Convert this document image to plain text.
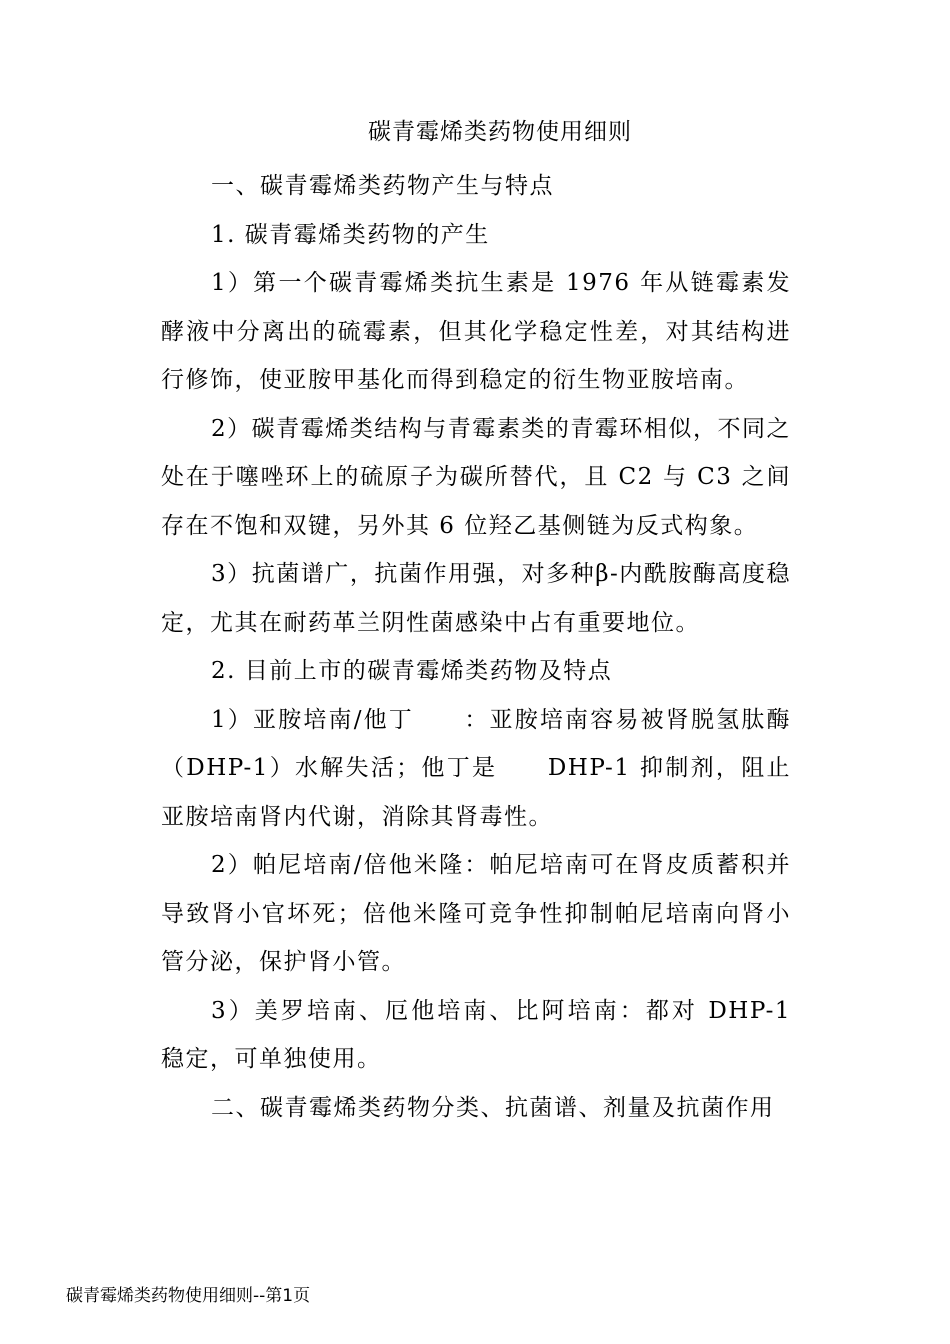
碳青霉烯类药物使用细则

一、碳青霉烯类药物产生与特点

1. 碳青霉烯类药物的产生

1）第一个碳青霉烯类抗生素是 1976 年从链霉素发酵液中分离出的硫霉素，但其化学稳定性差，对其结构进行修饰，使亚胺甲基化而得到稳定的衍生物亚胺培南。

2）碳青霉烯类结构与青霉素类的青霉环相似，不同之处在于噻唑环上的硫原子为碳所替代，且 C2 与 C3 之间存在不饱和双键，另外其 6 位羟乙基侧链为反式构象。

3）抗菌谱广，抗菌作用强，对多种β-内酰胺酶高度稳定，尤其在耐药革兰阴性菌感染中占有重要地位。

2. 目前上市的碳青霉烯类药物及特点

1）亚胺培南/他丁　　：亚胺培南容易被肾脱氢肽酶（DHP-1）水解失活；他丁是　　DHP-1 抑制剂，阻止亚胺培南肾内代谢，消除其肾毒性。

2）帕尼培南/倍他米隆：帕尼培南可在肾皮质蓄积并导致肾小官坏死；倍他米隆可竞争性抑制帕尼培南向肾小管分泌，保护肾小管。

3）美罗培南、厄他培南、比阿培南：都对 DHP-1 稳定，可单独使用。

二、碳青霉烯类药物分类、抗菌谱、剂量及抗菌作用

碳青霉烯类药物使用细则--第1页
